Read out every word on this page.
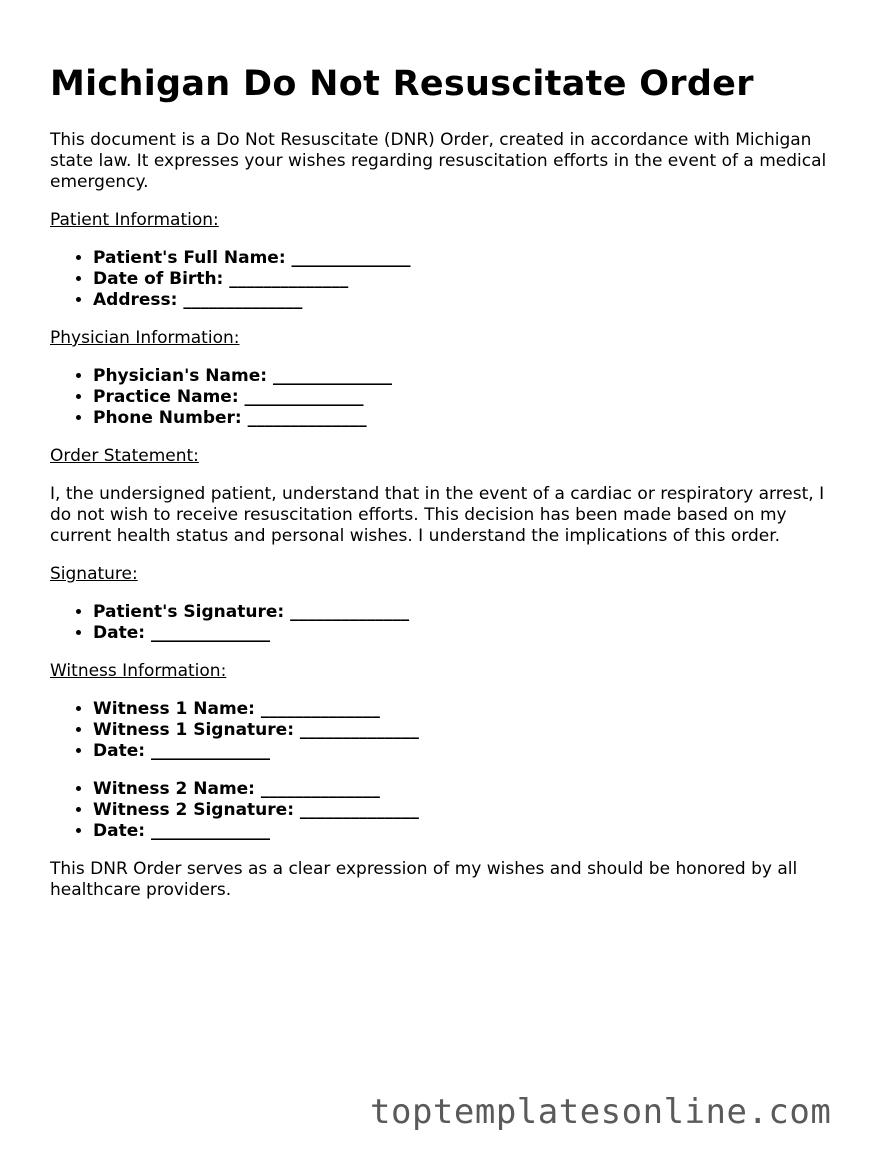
Michigan Do Not Resuscitate Order

This document is a Do Not Resuscitate (DNR) Order, created in accordance with Michigan state law. It expresses your wishes regarding resuscitation efforts in the event of a medical emergency.

Patient Information:
• Patient's Full Name: ______________
• Date of Birth: ______________
• Address: ______________
Physician Information:
• Physician's Name: ______________
• Practice Name: ______________
• Phone Number: ______________
Order Statement:

I, the undersigned patient, understand that in the event of a cardiac or respiratory arrest, I do not wish to receive resuscitation efforts. This decision has been made based on my current health status and personal wishes. I understand the implications of this order.

Signature:
• Patient's Signature: ______________
• Date: ______________
Witness Information:
• Witness 1 Name: ______________
• Witness 1 Signature: ______________
• Date: ______________
• Witness 2 Name: ______________
• Witness 2 Signature: ______________
• Date: ______________

This DNR Order serves as a clear expression of my wishes and should be honored by all healthcare providers.

toptemplatesonline.com
